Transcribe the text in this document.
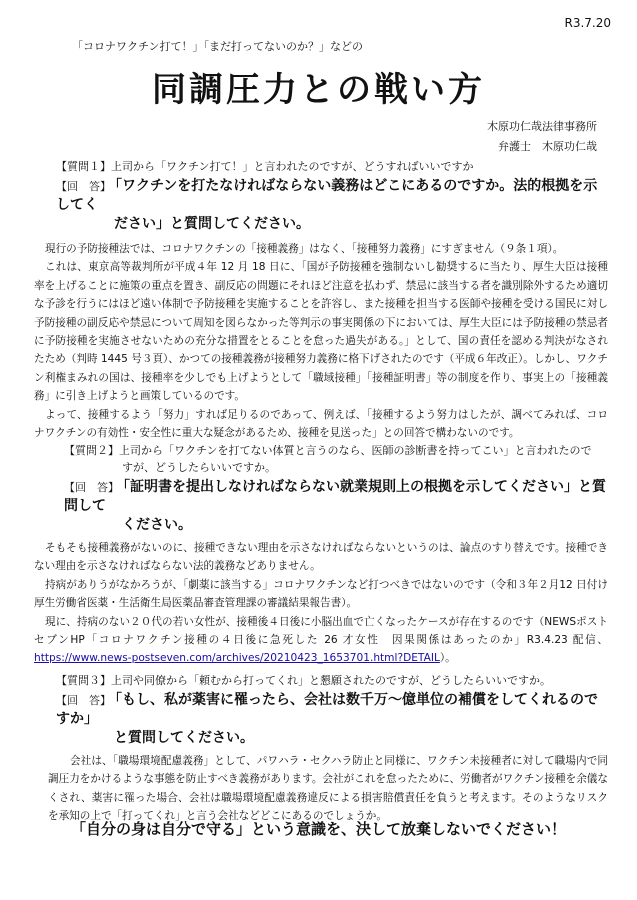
R3.7.20
「コロナワクチン打て！」「まだ打ってないのか？」などの
同調圧力との戦い方
木原功仁哉法律事務所
弁護士　木原功仁哉
【質問１】上司から「ワクチン打て！」と言われたのですが、どうすればいいですか
【回　答】 「ワクチンを打たなければならない義務はどこにあるのですか。法的根拠を示してく
ださい」と質問してください。
現行の予防接種法では、コロナワクチンの「接種義務」はなく、「接種努力義務」にすぎません（９条１項）。
これは、東京高等裁判所が平成４年 12 月 18 日に、「国が予防接種を強制ないし勧奨するに当たり、厚生大臣は接種率を上げることに施策の重点を置き、副反応の問題にそれほど注意を払わず、禁忌に該当する者を識別除外するため適切な予診を行うにはほど遠い体制で予防接種を実施することを許容し、また接種を担当する医師や接種を受ける国民に対し予防接種の副反応や禁忌について周知を図らなかった等判示の事実関係の下においては、厚生大臣には予防接種の禁忌者に予防接種を実施させないための充分な措置をとることを怠った過失がある。」として、国の責任を認める判決がなされたため（判時 1445 号３頁）、かつての接種義務が接種努力義務に格下げされたのです（平成６年改正）。しかし、ワクチン利権まみれの国は、接種率を少しでも上げようとして「職域接種」「接種証明書」等の制度を作り、事実上の「接種義務」に引き上げようと画策しているのです。
よって、接種するよう「努力」すれば足りるのであって、例えば、「接種するよう努力はしたが、調べてみれば、コロナワクチンの有効性・安全性に重大な疑念があるため、接種を見送った」との回答で構わないのです。
【質問２】上司から「ワクチンを打てない体質と言うのなら、医師の診断書を持ってこい」と言われたので
すが、どうしたらいいですか。
【回　答】 「証明書を提出しなければならない就業規則上の根拠を示してください」と質問して
ください。
そもそも接種義務がないのに、接種できない理由を示さなければならないというのは、論点のすり替えです。接種できない理由を示さなければならない法的義務などありません。
持病がありうがなかろうが、「劇薬に該当する」コロナワクチンなど打つべきではないのです（令和３年２月12 日付け厚生労働省医薬・生活衛生局医薬品審査管理課の審議結果報告書）。
現に、持病のない２０代の若い女性が、接種後４日後に小脳出血で亡くなったケースが存在するのです（NEWSポストセブンHP「コロナワクチン接種の４日後に急死した 26 才女性　因果関係はあったのか」R3.4.23 配信、https://www.news-postseven.com/archives/20210423_1653701.html?DETAIL）。
【質問３】上司や同僚から「頼むから打ってくれ」と懇願されたのですが、どうしたらいいですか。
【回　答】 「もし、私が薬害に罹ったら、会社は数千万～億単位の補償をしてくれるのですか」
と質問してください。
会社は、「職場環境配慮義務」として、パワハラ・セクハラ防止と同様に、ワクチン未接種者に対して職場内で同調圧力をかけるような事態を防止すべき義務があります。会社がこれを怠ったために、労働者がワクチン接種を余儀なくされ、薬害に罹った場合、会社は職場環境配慮義務違反による損害賠償責任を負うと考えます。そのようなリスクを承知の上で「打ってくれ」と言う会社などどこにあるのでしょうか。
「自分の身は自分で守る」という意識を、決して放棄しないでください！
